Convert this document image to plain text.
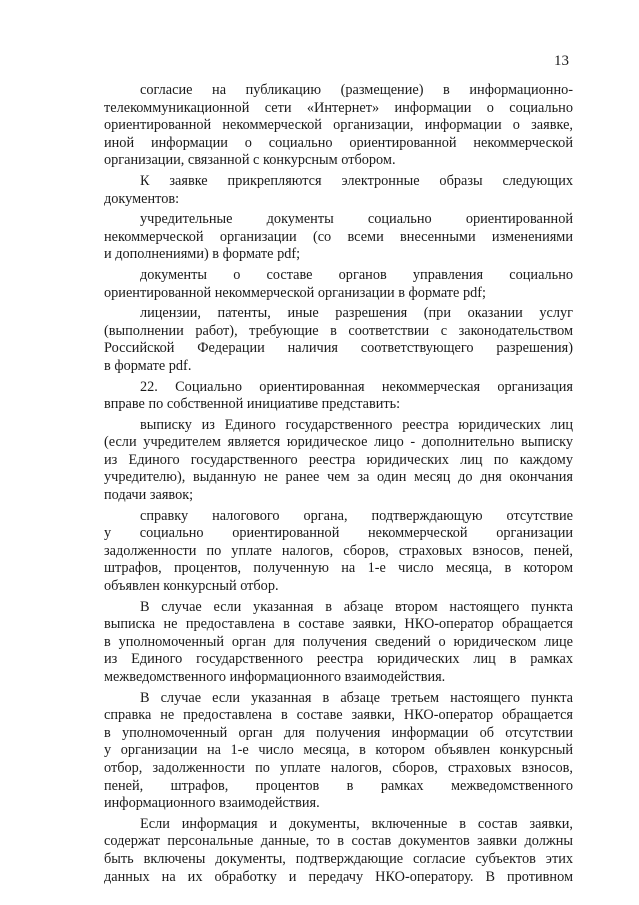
13
согласие на публикацию (размещение) в информационно-
телекоммуникационной сети «Интернет» информации о социально
ориентированной некоммерческой организации, информации о заявке,
иной информации о социально ориентированной некоммерческой
организации, связанной с конкурсным отбором.
К заявке прикрепляются электронные образы следующих
документов:
учредительные документы социально ориентированной
некоммерческой организации (со всеми внесенными изменениями
и дополнениями) в формате pdf;
документы о составе органов управления социально
ориентированной некоммерческой организации в формате pdf;
лицензии, патенты, иные разрешения (при оказании услуг
(выполнении работ), требующие в соответствии с законодательством
Российской Федерации наличия соответствующего разрешения)
в формате pdf.
22. Социально ориентированная некоммерческая организация
вправе по собственной инициативе представить:
выписку из Единого государственного реестра юридических лиц
(если учредителем является юридическое лицо - дополнительно выписку
из Единого государственного реестра юридических лиц по каждому
учредителю), выданную не ранее чем за один месяц до дня окончания
подачи заявок;
справку налогового органа, подтверждающую отсутствие
у социально ориентированной некоммерческой организации
задолженности по уплате налогов, сборов, страховых взносов, пеней,
штрафов, процентов, полученную на 1-е число месяца, в котором
объявлен конкурсный отбор.
В случае если указанная в абзаце втором настоящего пункта
выписка не предоставлена в составе заявки, НКО-оператор обращается
в уполномоченный орган для получения сведений о юридическом лице
из Единого государственного реестра юридических лиц в рамках
межведомственного информационного взаимодействия.
В случае если указанная в абзаце третьем настоящего пункта
справка не предоставлена в составе заявки, НКО-оператор обращается
в уполномоченный орган для получения информации об отсутствии
у организации на 1-е число месяца, в котором объявлен конкурсный
отбор, задолженности по уплате налогов, сборов, страховых взносов,
пеней, штрафов, процентов в рамках межведомственного
информационного взаимодействия.
Если информация и документы, включенные в состав заявки,
содержат персональные данные, то в состав документов заявки должны
быть включены документы, подтверждающие согласие субъектов этих
данных на их обработку и передачу НКО-оператору. В противном
